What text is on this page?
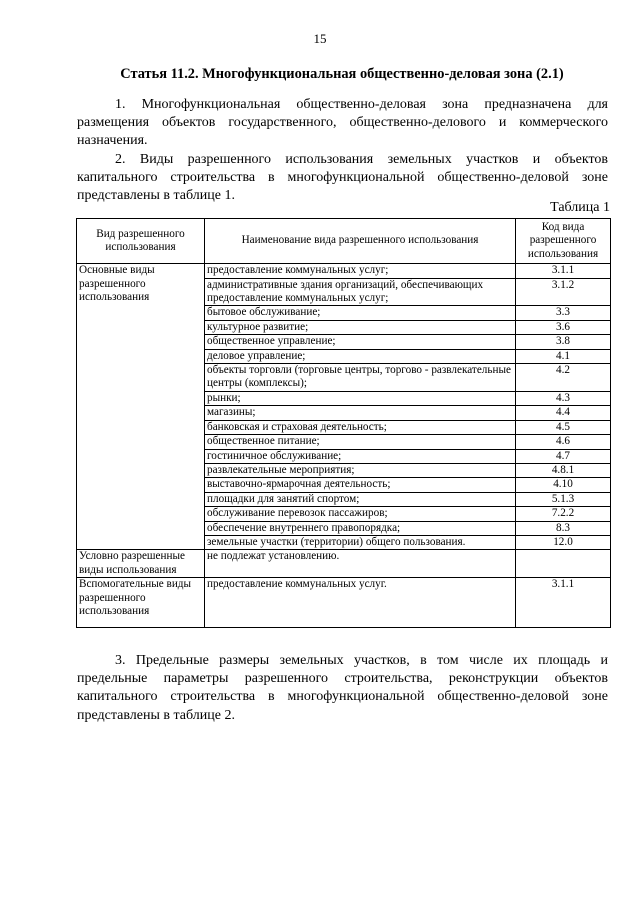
15
Статья 11.2. Многофункциональная общественно-деловая зона (2.1)

1. Многофункциональная общественно-деловая зона предназначена для размещения объектов государственного, общественно-делового и коммерческого назначения.

2. Виды разрешенного использования земельных участков и объектов капитального строительства в многофункциональной общественно-деловой зоне представлены в таблице 1.

Таблица 1
Вид разрешенного использования	Наименование вида разрешенного использования	Код вида разрешенного использования
Основные виды разрешенного использования	предоставление коммунальных услуг;	3.1.1
	административные здания организаций, обеспечивающих предоставление коммунальных услуг;	3.1.2
	бытовое обслуживание;	3.3
	культурное развитие;	3.6
	общественное управление;	3.8
	деловое управление;	4.1
	объекты торговли (торговые центры, торгово - развлекательные центры (комплексы);	4.2
	рынки;	4.3
	магазины;	4.4
	банковская и страховая деятельность;	4.5
	общественное питание;	4.6
	гостиничное обслуживание;	4.7
	развлекательные мероприятия;	4.8.1
	выставочно-ярмарочная деятельность;	4.10
	площадки для занятий спортом;	5.1.3
	обслуживание перевозок пассажиров;	7.2.2
	обеспечение внутреннего правопорядка;	8.3
	земельные участки (территории) общего пользования.	12.0
Условно разрешенные виды использования	не подлежат установлению.	
Вспомогательные виды разрешенного использования	предоставление коммунальных услуг.	3.1.1

3. Предельные размеры земельных участков, в том числе их площадь и предельные параметры разрешенного строительства, реконструкции объектов капитального строительства в многофункциональной общественно-деловой зоне представлены в таблице 2.
